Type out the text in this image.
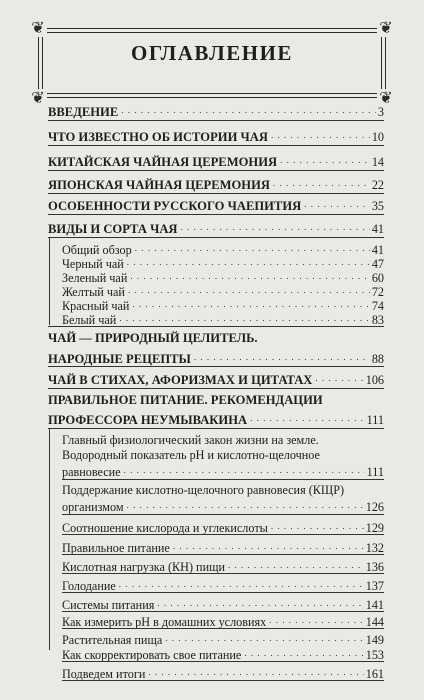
❦	❦
❦	❦
ОГЛАВЛЕНИЕ
ВВЕДЕНИЕ . . .	3
ЧТО ИЗВЕСТНО ОБ ИСТОРИИ ЧАЯ . . .	10
КИТАЙСКАЯ ЧАЙНАЯ ЦЕРЕМОНИЯ . . .	14
ЯПОНСКАЯ ЧАЙНАЯ ЦЕРЕМОНИЯ . . .	22
ОСОБЕННОСТИ РУССКОГО ЧАЕПИТИЯ . . .	35
ВИДЫ И СОРТА ЧАЯ . . .	41
Общий обзор . . .	41
Черный чай . . .	47
Зеленый чай . . .	60
Желтый чай . . .	72
Красный чай . . .	74
Белый чай . . .	83
ЧАЙ — ПРИРОДНЫЙ ЦЕЛИТЕЛЬ.
НАРОДНЫЕ РЕЦЕПТЫ . . .	88
ЧАЙ В СТИХАХ, АФОРИЗМАХ И ЦИТАТАХ . . .	106
ПРАВИЛЬНОЕ ПИТАНИЕ. РЕКОМЕНДАЦИИ
ПРОФЕССОРА НЕУМЫВАКИНА . . .	111
Главный физиологический закон жизни на земле.
Водородный показатель pH и кислотно-щелочное
равновесие . . .	111
Поддержание кислотно-щелочного равновесия (КЩР)
организмом . . .	126
Соотношение кислорода и углекислоты . . .	129
Правильное питание . . .	132
Кислотная нагрузка (КН) пищи . . .	136
Голодание . . .	137
Системы питания . . .	141
Как измерить pH в домашних условиях . . .	144
Растительная пища . . .	149
Как скорректировать свое питание . . .	153
Подведем итоги . . .	161
